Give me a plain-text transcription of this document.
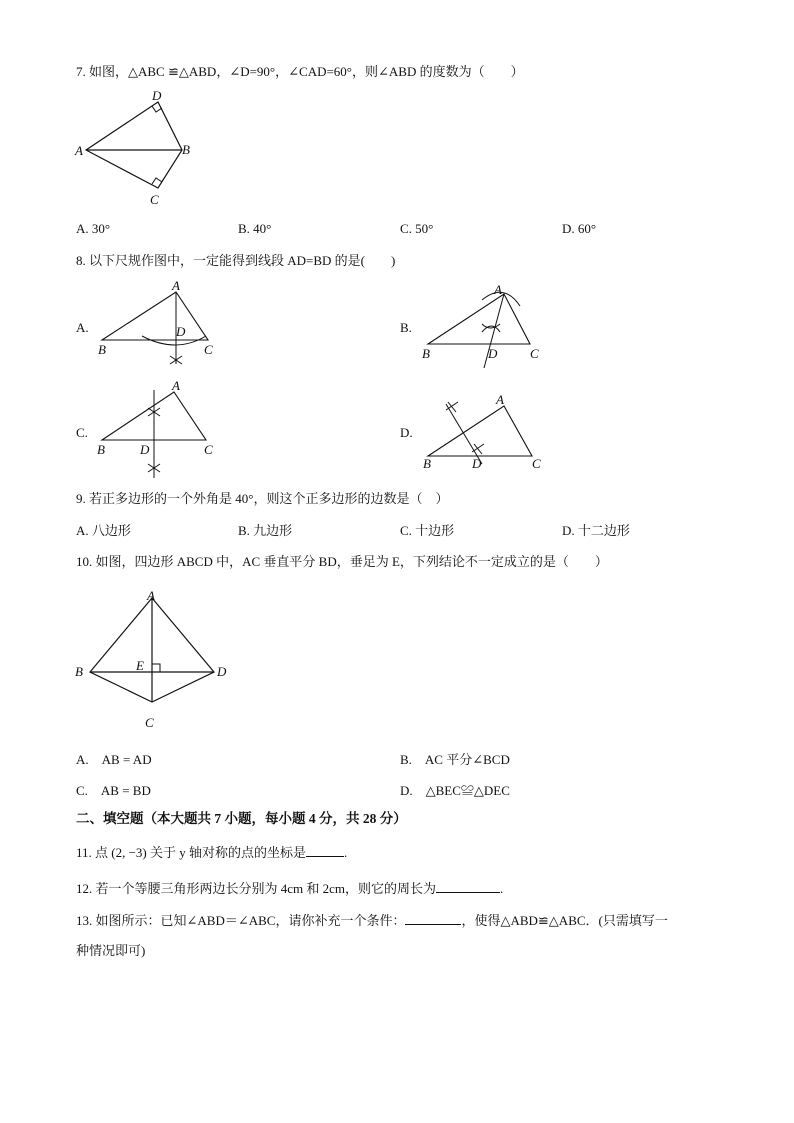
7. 如图，△ABC ≌△ABD，∠D=90°，∠CAD=60°，则∠ABD 的度数为（　　）
D
A	B
C
A. 30°	B. 40°	C. 50°	D. 60°
8. 以下尺规作图中，一定能得到线段 AD=BD 的是(　　)
A.
A
D
B	C
B.
A
D
B	C
C.
A
B	D	C
D.
A
B	D	C
9. 若正多边形的一个外角是 40°，则这个正多边形的边数是（　）
A. 八边形	B. 九边形	C. 十边形	D. 十二边形
10. 如图，四边形 ABCD 中，AC 垂直平分 BD，垂足为 E，下列结论不一定成立的是（　　）
A
B	E	D
C
A.　AB = AD	B.　AC 平分∠BCD
C.　AB = BD	D.　△BEC≌△DEC
二、填空题（本大题共 7 小题，每小题 4 分，共 28 分）
11. 点 (2, −3) 关于 y 轴对称的点的坐标是	.
12. 若一个等腰三角形两边长分别为 4cm 和 2cm，则它的周长为	.
13. 如图所示：已知∠ABD＝∠ABC，请你补充一个条件：	，使得△ABD≌△ABC．(只需填写一
种情况即可)
